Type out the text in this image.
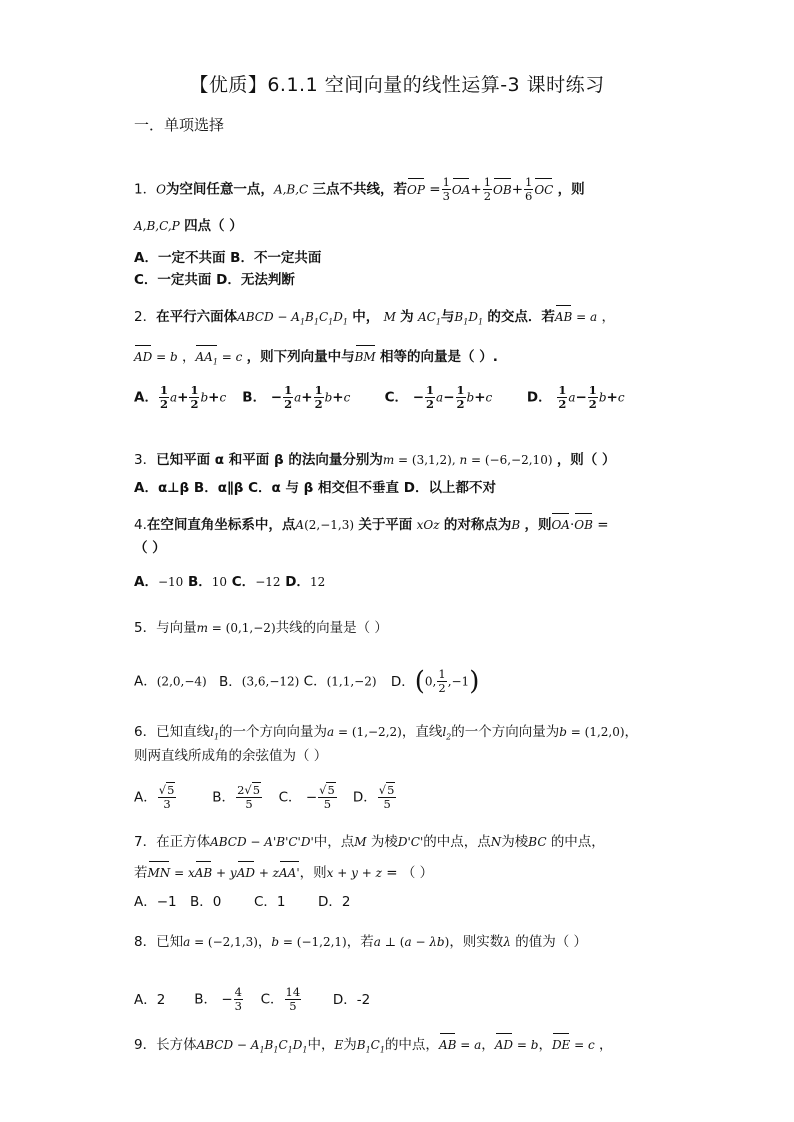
【优质】6.1.1 空间向量的线性运算-3 课时练习
一．单项选择
1．O为空间任意一点，A,B,C 三点不共线，若OP = $\frac{1}{3} OA+ \frac{1}{2} OB+ \frac{1}{6}$ OC ，则
A,B,C,P 四点（ ）
A．一定不共面 B．不一定共面
C．一定共面 D．无法判断
2．在平行六面体ABCD − $A_1B_1C_1D_1$ 中， M 为 $AC_1$与$B_1D_1$ 的交点．若AB = a ，
AD = b ，$AA_1 = c$ ，则下列向量中与BM 相等的向量是（ ）.
A． $\frac{1}{2} a+ \frac{1}{2} b+c$ B． − $\frac{1}{2} a+ \frac{1}{2} b+c$	C． − $\frac{1}{2} a- \frac{1}{2} b+c$	D． $\frac{1}{2} a- \frac{1}{2} b+c$
3．已知平面 α 和平面 β 的法向量分别为m = (3,1,2), n = (−6,−2,10) ，则（ ）
A．α⊥β B．α∥β C．α 与 β 相交但不垂直 D．以上都不对
4.在空间直角坐标系中，点A(2,−1,3) 关于平面 xOz 的对称点为B ，则OA·OB =
（ ）
A．−10 B．10 C．−12 D．12
5．与向量m = (0,1,−2)共线的向量是（ ）
A．(2,0,−4) B．(3,6,−12) C．(1,1,−2) D．(0, $\frac{1}{2} ,-1$)
6．已知直线$l_1$的一个方向向量为a = (1,−2,2)，直线$l_2$的一个方向向量为b = (1,2,0)，
则两直线所成角的余弦值为（ ）
A． $\frac{√5}{3}$	B． $\frac{2√5}{5}$ C． − $\frac{√5}{5}$ D． $\frac{√5}{5}$
7．在正方体ABCD − A'B'C'D'中，点M 为棱D'C'的中点，点N为棱BC 的中点，
若MN = xAB + yAD + zAA'，则x + y + z = （ ）
A．−1 B．0 C．1 D．2
8．已知a = (−2,1,3)，b = (−1,2,1)，若a ⊥ (a − λb)，则实数λ 的值为（ ）
A．2 B． − $\frac{4}{3}$ C． $\frac{14}{5}$ D．-2
9．长方体ABCD − $A_1B_1C_1D_1$中，E为$B_1C_1$的中点，AB = a，AD = b，DE = c ，
